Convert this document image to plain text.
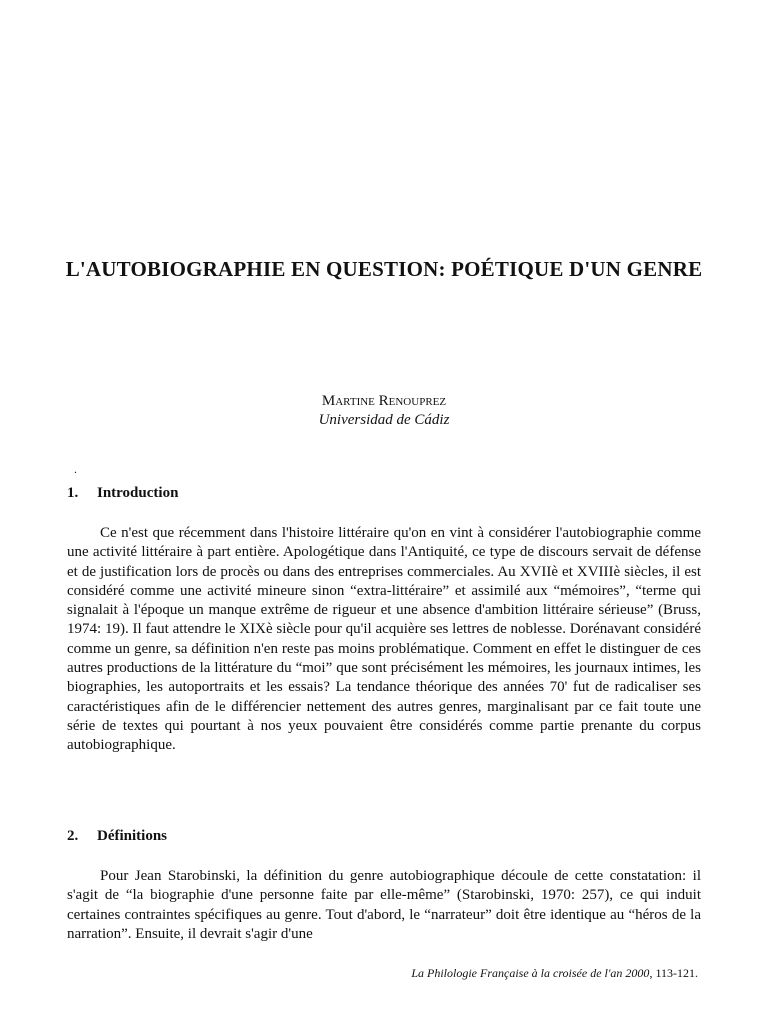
L'AUTOBIOGRAPHIE EN QUESTION: POÉTIQUE D'UN GENRE
Martine Renouprez
Universidad de Cádiz
.
1. Introduction

Ce n'est que récemment dans l'histoire littéraire qu'on en vint à considérer l'autobiographie comme une activité littéraire à part entière. Apologétique dans l'Antiquité, ce type de discours servait de défense et de justification lors de procès ou dans des entreprises commerciales. Au XVIIè et XVIIIè siècles, il est considéré comme une activité mineure sinon “extra-littéraire” et assimilé aux “mémoires”, “terme qui signalait à l'époque un manque extrême de rigueur et une absence d'ambition littéraire sérieuse” (Bruss, 1974: 19). Il faut attendre le XIXè siècle pour qu'il acquière ses lettres de noblesse. Dorénavant considéré comme un genre, sa définition n'en reste pas moins problématique. Comment en effet le distinguer de ces autres productions de la littérature du “moi” que sont précisément les mémoires, les journaux intimes, les biographies, les autoportraits et les essais? La tendance théorique des années 70' fut de radicaliser ses caractéristiques afin de le différencier nettement des autres genres, marginalisant par ce fait toute une série de textes qui pourtant à nos yeux pouvaient être considérés comme partie prenante du corpus autobiographique.

2. Définitions

Pour Jean Starobinski, la définition du genre autobiographique découle de cette constatation: il s'agit de “la biographie d'une personne faite par elle-même” (Starobinski, 1970: 257), ce qui induit certaines contraintes spécifiques au genre. Tout d'abord, le “narrateur” doit être identique au “héros de la narration”. Ensuite, il devrait s'agir d'une

La Philologie Française à la croisée de l'an 2000, 113-121.
